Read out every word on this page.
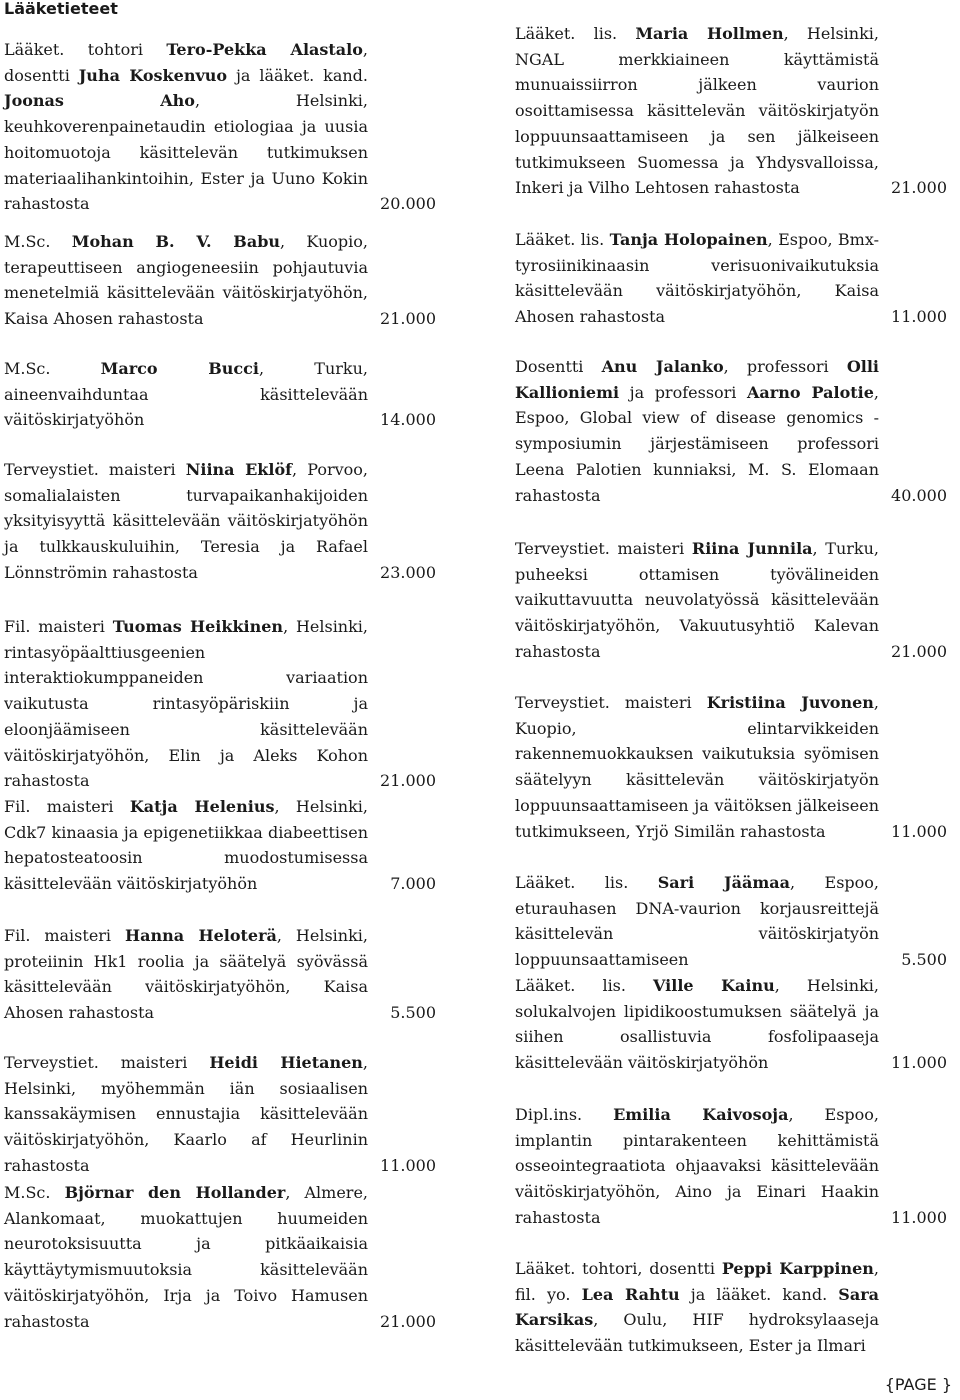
Lääketieteet
Lääket. tohtori Tero-Pekka Alastalo, dosentti Juha Koskenvuo ja lääket. kand. Joonas Aho, Helsinki, keuhkoverenpainetaudin etiologiaa ja uusia hoitomuotoja käsittelevän tutkimuksen materiaalihankintoihin, Ester ja Uuno Kokin rahastosta	20.000
M.Sc. Mohan B. V. Babu, Kuopio, terapeuttiseen angiogeneesiin pohjautuvia menetelmiä käsittelevään väitöskirjatyöhön, Kaisa Ahosen rahastosta	21.000
M.Sc. Marco Bucci, Turku, aineenvaihduntaa käsittelevään väitöskirjatyöhön	14.000
Terveystiet. maisteri Niina Eklöf, Porvoo, somalialaisten turvapaikanhakijoiden yksityisyyttä käsittelevään väitöskirjatyöhön ja tulkkauskuluihin, Teresia ja Rafael Lönnströmin rahastosta	23.000
Fil. maisteri Tuomas Heikkinen, Helsinki, rintasyöpäalttiusgeenien interaktiokumppaneiden variaation vaikutusta rintasyöpäriskiin ja eloonjäämiseen käsittelevään väitöskirjatyöhön, Elin ja Aleks Kohon rahastosta	21.000
Fil. maisteri Katja Helenius, Helsinki, Cdk7 kinaasia ja epigenetiikkaa diabeettisen hepatosteatoosin muodostumisessa käsittelevään väitöskirjatyöhön	7.000
Fil. maisteri Hanna Heloterä, Helsinki, proteiinin Hk1 roolia ja säätelyä syövässä käsittelevään väitöskirjatyöhön, Kaisa Ahosen rahastosta	5.500
Terveystiet. maisteri Heidi Hietanen, Helsinki, myöhemmän iän sosiaalisen kanssakäymisen ennustajia käsittelevään väitöskirjatyöhön, Kaarlo af Heurlinin rahastosta	11.000
M.Sc. Björnar den Hollander, Almere, Alankomaat, muokattujen huumeiden neurotoksisuutta ja pitkäaikaisia käyttäytymismuutoksia käsittelevään väitöskirjatyöhön, Irja ja Toivo Hamusen rahastosta	21.000
Lääket. lis. Maria Hollmen, Helsinki, NGAL merkkiaineen käyttämistä munuaissiirron jälkeen vaurion osoittamisessa käsittelevän väitöskirjatyön loppuunsaattamiseen ja sen jälkeiseen tutkimukseen Suomessa ja Yhdysvalloissa, Inkeri ja Vilho Lehtosen rahastosta	21.000
Lääket. lis. Tanja Holopainen, Espoo, Bmx-tyrosiinikinaasin verisuonivaikutuksia käsittelevään väitöskirjatyöhön, Kaisa Ahosen rahastosta	11.000
Dosentti Anu Jalanko, professori Olli Kallioniemi ja professori Aarno Palotie, Espoo, Global view of disease genomics - symposiumin järjestämiseen professori Leena Palotien kunniaksi, M. S. Elomaan rahastosta	40.000
Terveystiet. maisteri Riina Junnila, Turku, puheeksi ottamisen työvälineiden vaikuttavuutta neuvolatyössä käsittelevään väitöskirjatyöhön, Vakuutusyhtiö Kalevan rahastosta	21.000
Terveystiet. maisteri Kristiina Juvonen, Kuopio, elintarvikkeiden rakennemuokkauksen vaikutuksia syömisen säätelyyn käsittelevän väitöskirjatyön loppuunsaattamiseen ja väitöksen jälkeiseen tutkimukseen, Yrjö Similän rahastosta	11.000
Lääket. lis. Sari Jäämaa, Espoo, eturauhasen DNA-vaurion korjausreittejä käsittelevän väitöskirjatyön loppuunsaattamiseen	5.500
Lääket. lis. Ville Kainu, Helsinki, solukalvojen lipidikoostumuksen säätelyä ja siihen osallistuvia fosfolipaaseja käsittelevään väitöskirjatyöhön	11.000
Dipl.ins. Emilia Kaivosoja, Espoo, implantin pintarakenteen kehittämistä osseointegraatiota ohjaavaksi käsittelevään väitöskirjatyöhön, Aino ja Einari Haakin rahastosta	11.000
Lääket. tohtori, dosentti Peppi Karppinen, fil. yo. Lea Rahtu ja lääket. kand. Sara Karsikas, Oulu, HIF hydroksylaaseja käsittelevään tutkimukseen, Ester ja Ilmari
{PAGE }
